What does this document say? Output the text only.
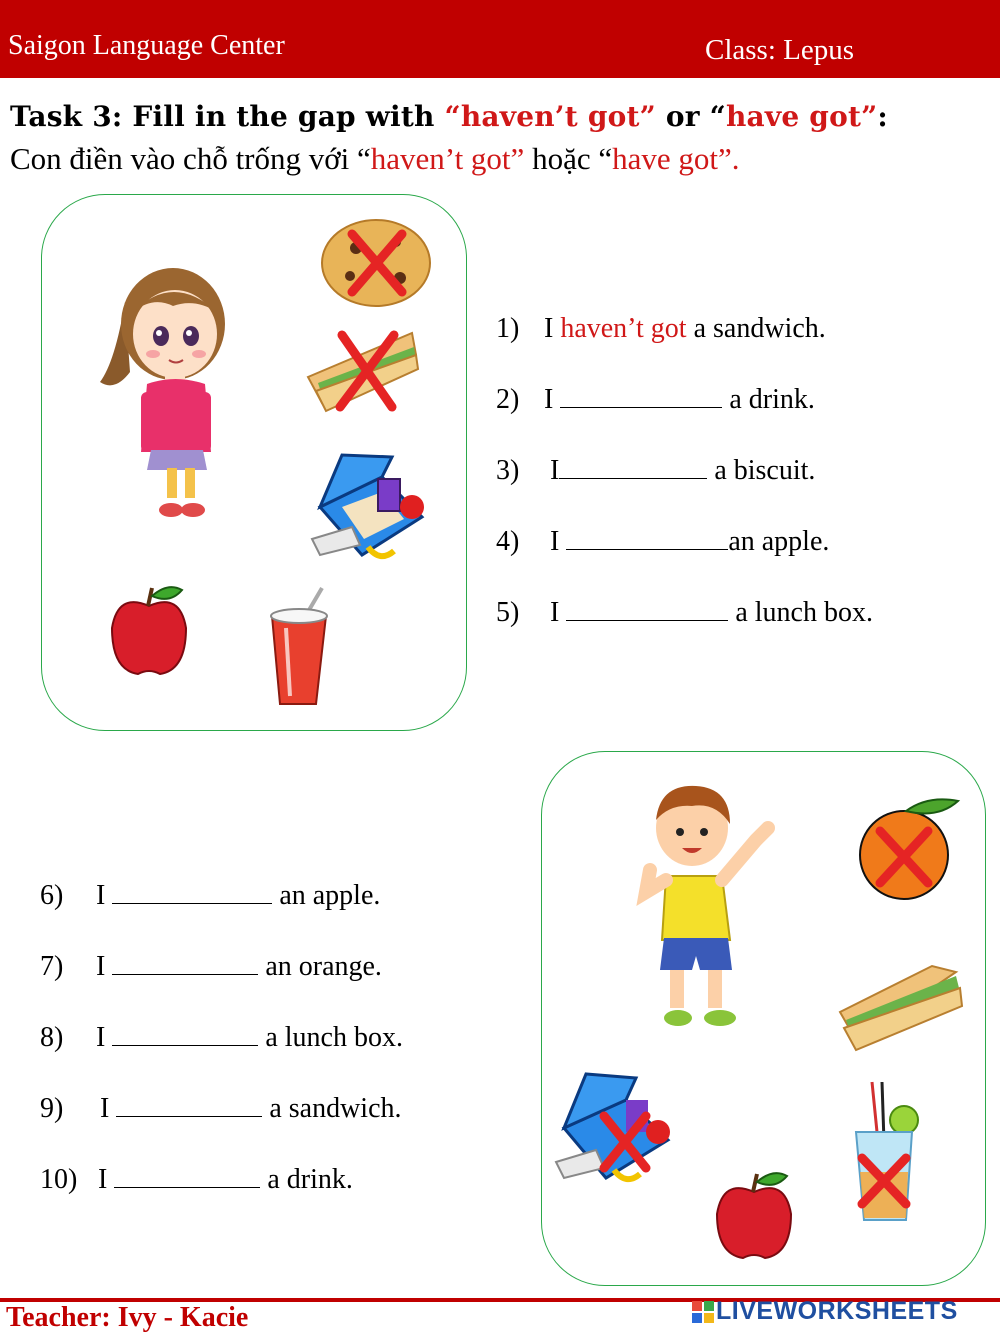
Saigon Language Center	Class: Lepus
Task 3: Fill in the gap with “haven’t got” or “have got”:
Con điền vào chỗ trống với “haven’t got” hoặc “have got”.
1) I haven’t got a sandwich.
2) I	a drink.
3) I	a biscuit.
4) I	an apple.
5) I	a lunch box.
6) I	an apple.
7) I	an orange.
8) I	a lunch box.
9) I	a sandwich.
10) I	a drink.
Teacher: Ivy - Kacie	LIVEWORKSHEETS
